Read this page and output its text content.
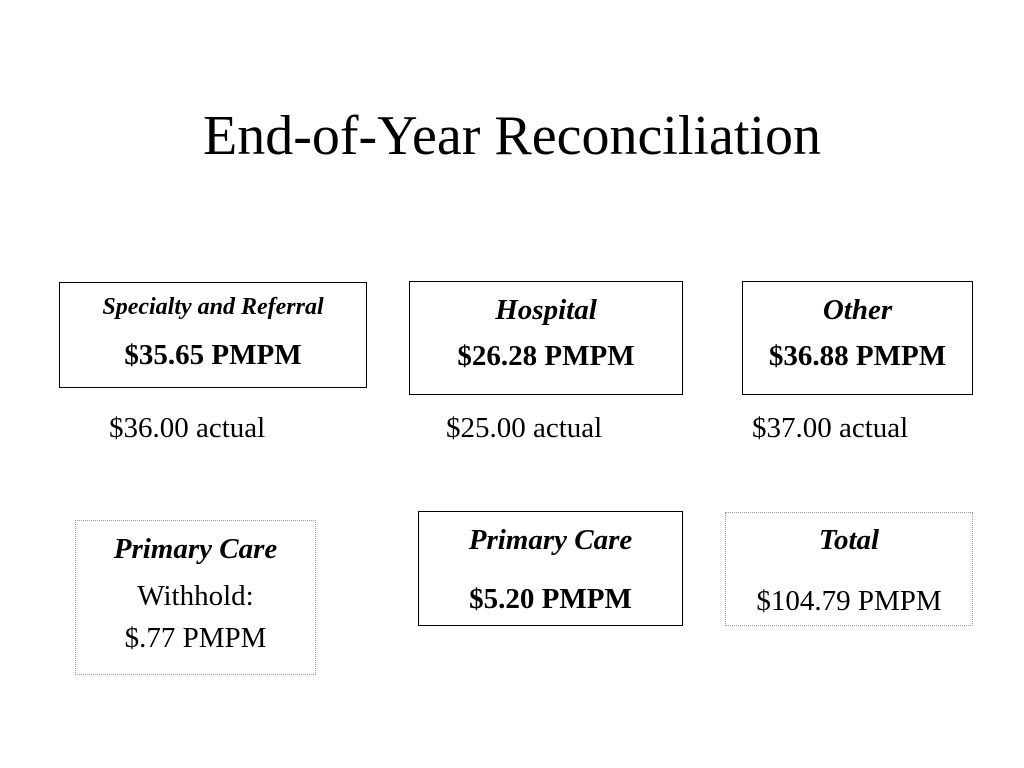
End-of-Year Reconciliation
Specialty and Referral
$35.65 PMPM
Hospital
$26.28 PMPM
Other
$36.88 PMPM
$36.00 actual	$25.00 actual	$37.00 actual
Primary Care
Withhold:
$.77 PMPM
Primary Care
$5.20 PMPM
Total
$104.79 PMPM
